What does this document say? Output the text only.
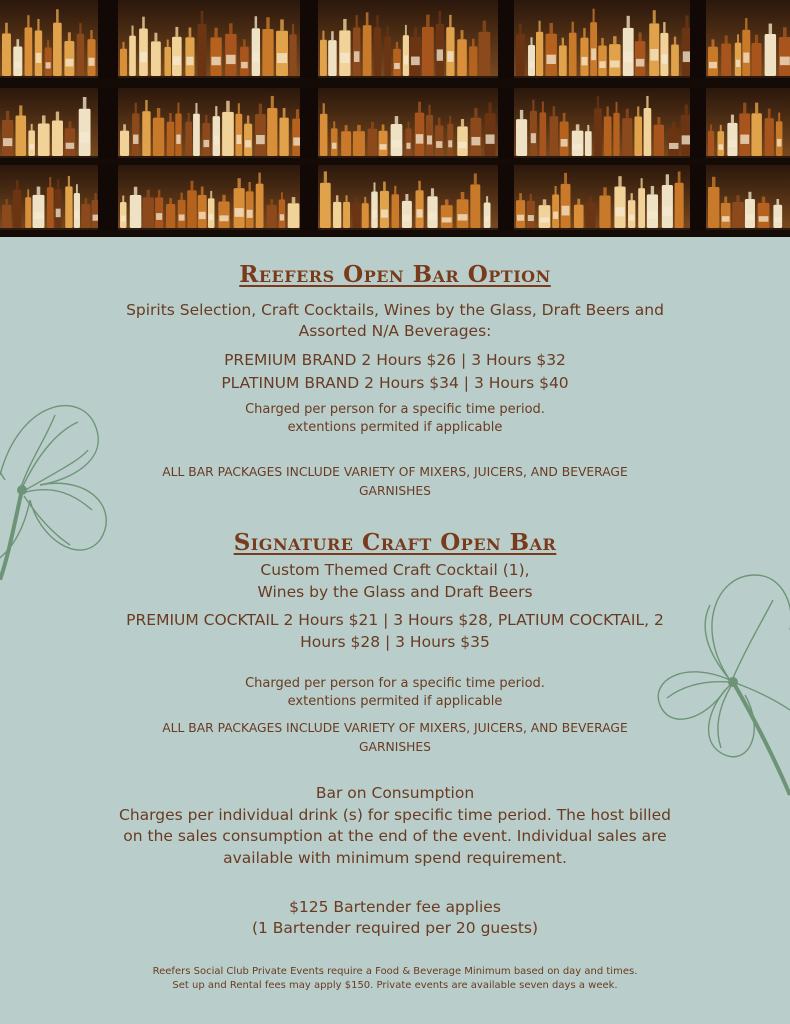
Reefers Open Bar Option
Spirits Selection, Craft Cocktails, Wines by the Glass, Draft Beers and
Assorted N/A Beverages:
PREMIUM BRAND 2 Hours $26 | 3 Hours $32
PLATINUM BRAND 2 Hours $34 | 3 Hours $40
Charged per person for a specific time period.
extentions permited if applicable
ALL BAR PACKAGES INCLUDE VARIETY OF MIXERS, JUICERS, AND BEVERAGE
GARNISHES
Signature Craft Open Bar
Custom Themed Craft Cocktail (1),
Wines by the Glass and Draft Beers
PREMIUM COCKTAIL 2 Hours $21 | 3 Hours $28, PLATIUM COCKTAIL, 2
Hours $28 | 3 Hours $35
Charged per person for a specific time period.
extentions permited if applicable
ALL BAR PACKAGES INCLUDE VARIETY OF MIXERS, JUICERS, AND BEVERAGE
GARNISHES
Bar on Consumption
Charges per individual drink (s) for specific time period. The host billed
on the sales consumption at the end of the event. Individual sales are
available with minimum spend requirement.
$125 Bartender fee applies
(1 Bartender required per 20 guests)
Reefers Social Club Private Events require a Food & Beverage Minimum based on day and times.
Set up and Rental fees may apply $150. Private events are available seven days a week.
